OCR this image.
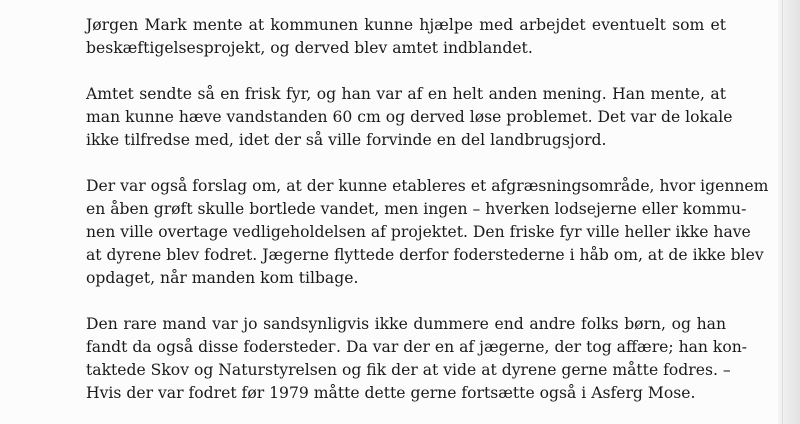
Jørgen Mark mente at kommunen kunne hjælpe med arbejdet eventuelt som et
beskæftigelsesprojekt, og derved blev amtet indblandet.

Amtet sendte så en frisk fyr, og han var af en helt anden mening. Han mente, at
man kunne hæve vandstanden 60 cm og derved løse problemet. Det var de lokale
ikke tilfredse med, idet der så ville forvinde en del landbrugsjord.

Der var også forslag om, at der kunne etableres et afgræsningsområde, hvor igennem
en åben grøft skulle bortlede vandet, men ingen – hverken lodsejerne eller kommu-
nen ville overtage vedligeholdelsen af projektet. Den friske fyr ville heller ikke have
at dyrene blev fodret. Jægerne flyttede derfor foderstederne i håb om, at de ikke blev
opdaget, når manden kom tilbage.

Den rare mand var jo sandsynligvis ikke dummere end andre folks børn, og han
fandt da også disse foderstedег. Da var der en af jægerne, der tog affære; han kon-
taktede Skov og Naturstyrelsen og fik der at vide at dyrene gerne måtte fodres. –
Hvis der var fodret før 1979 måtte dette gerne fortsætte også i Asferg Mose.
